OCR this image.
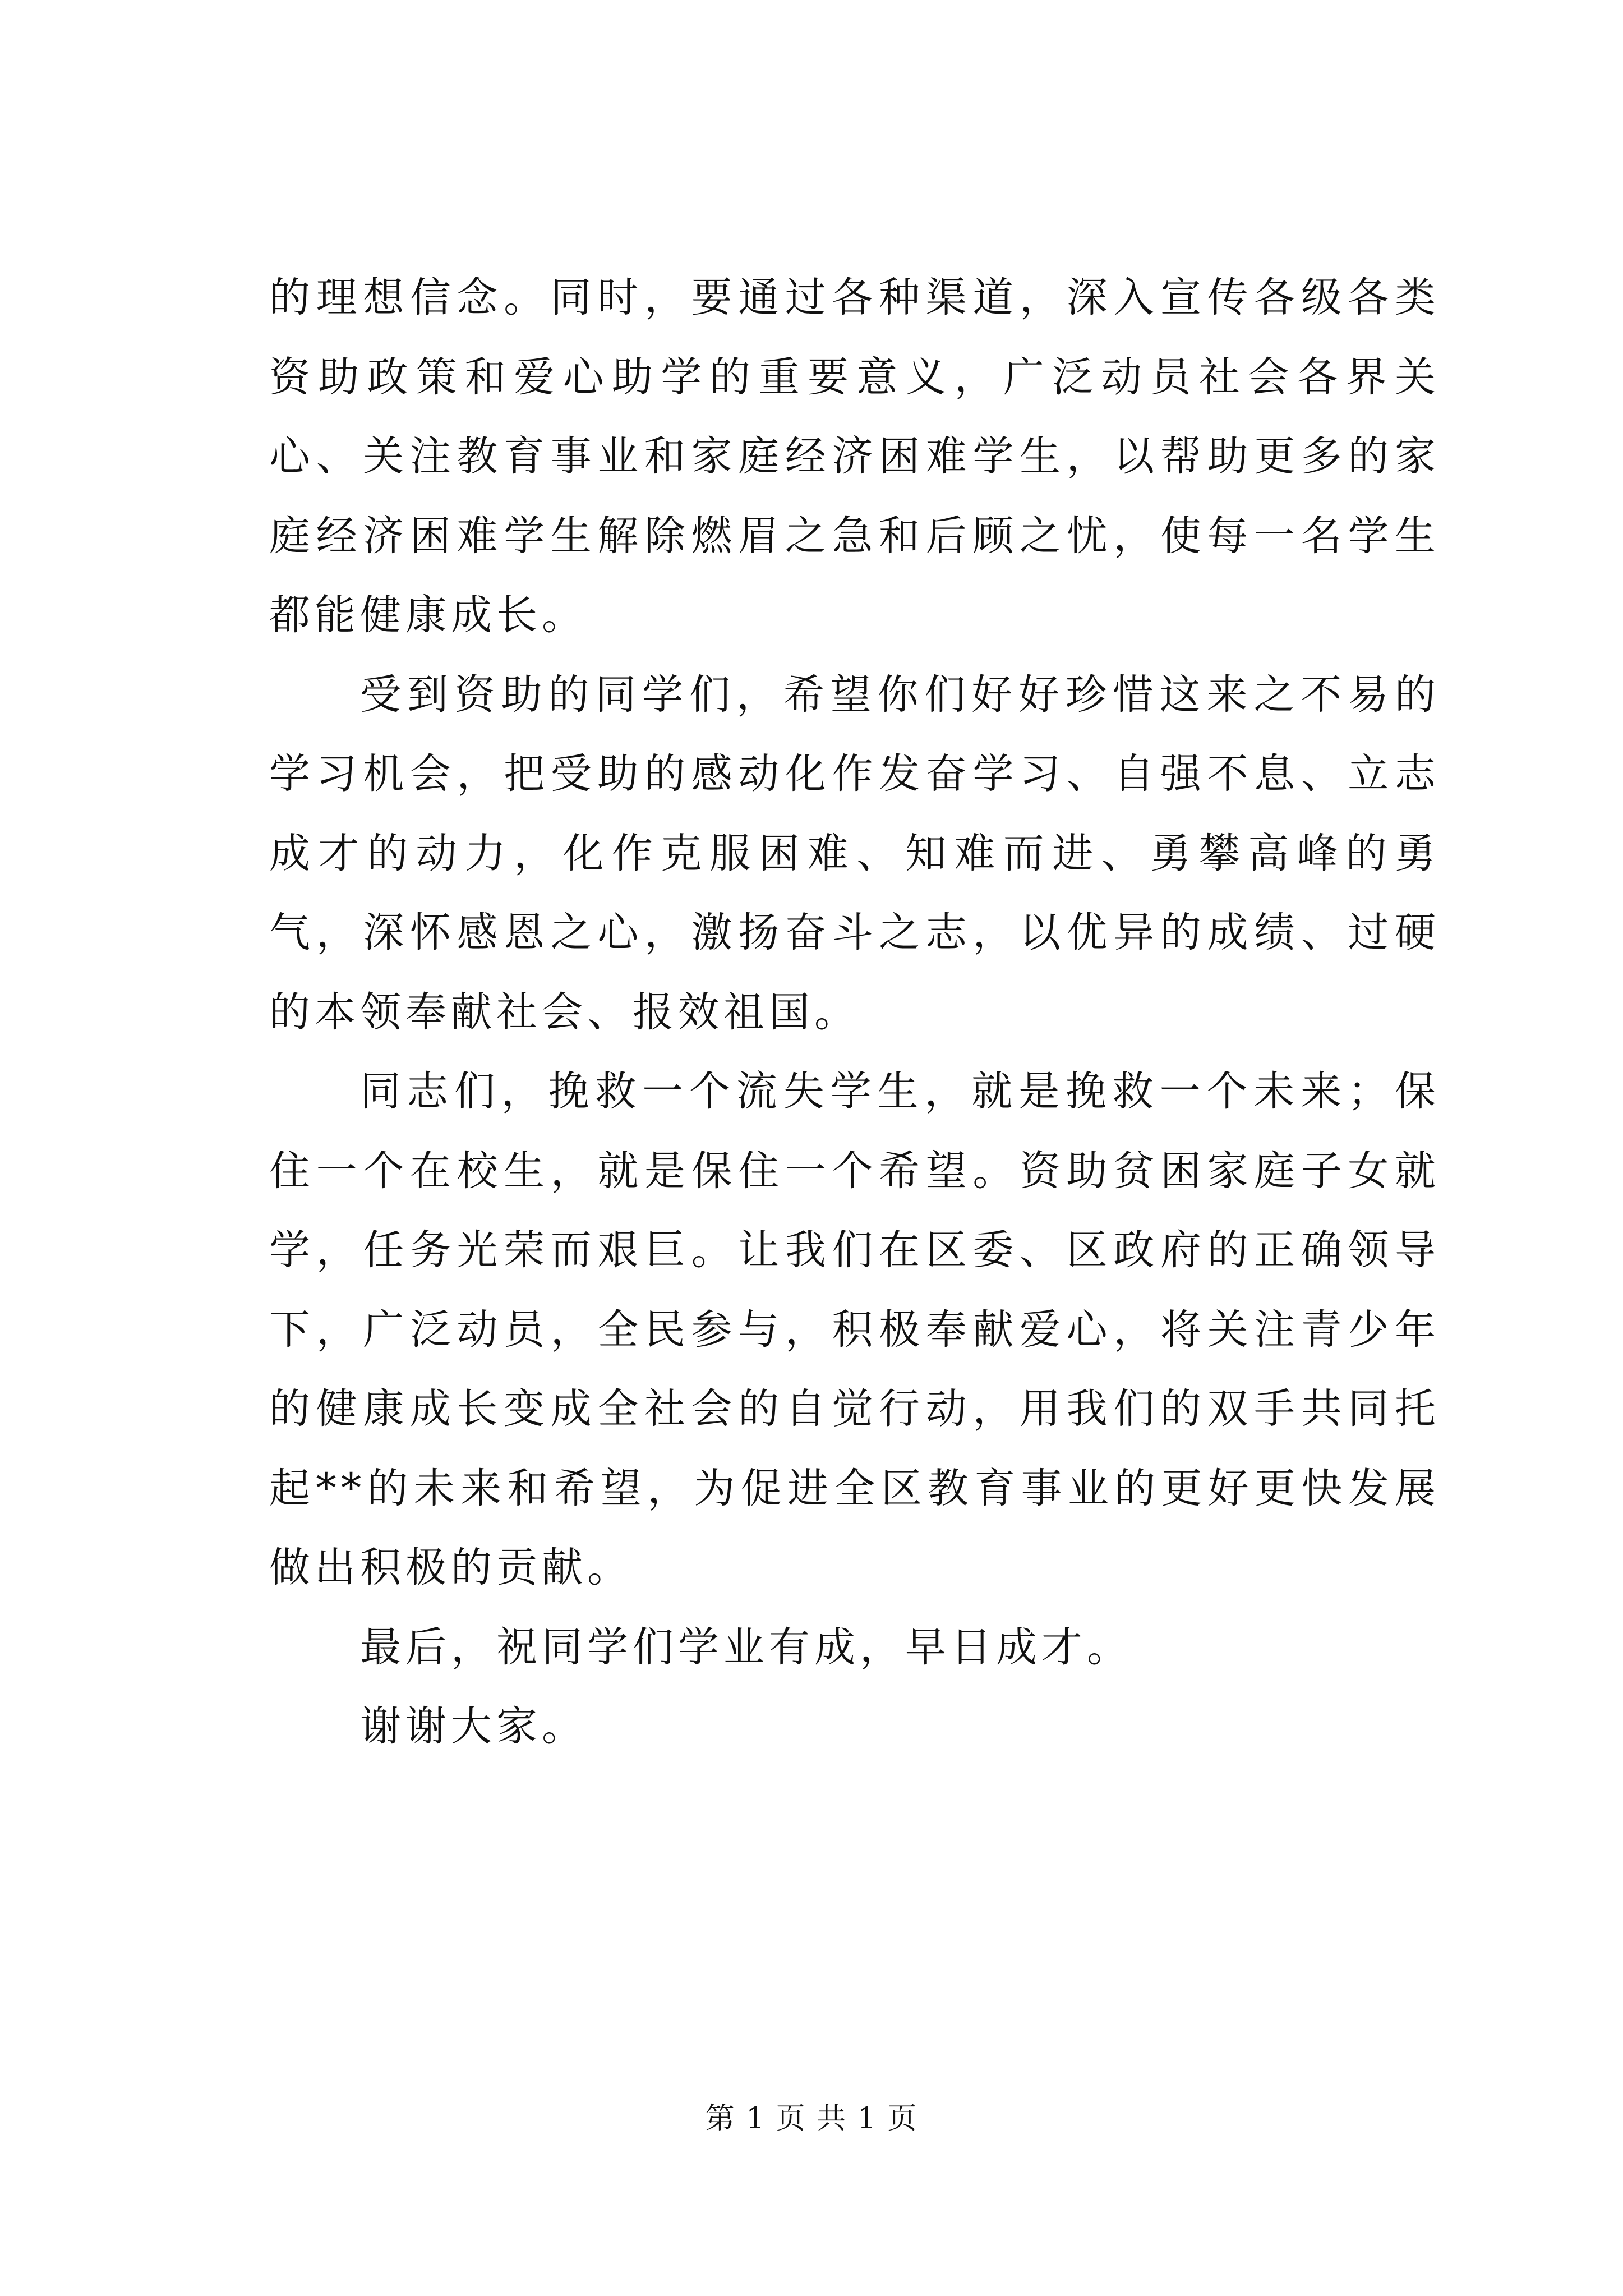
的理想信念。同时，要通过各种渠道，深入宣传各级各类资助政策和爱心助学的重要意义，广泛动员社会各界关心、关注教育事业和家庭经济困难学生，以帮助更多的家庭经济困难学生解除燃眉之急和后顾之忧，使每一名学生都能健康成长。

受到资助的同学们，希望你们好好珍惜这来之不易的学习机会，把受助的感动化作发奋学习、自强不息、立志成才的动力，化作克服困难、知难而进、勇攀高峰的勇气，深怀感恩之心，激扬奋斗之志，以优异的成绩、过硬的本领奉献社会、报效祖国。

同志们，挽救一个流失学生，就是挽救一个未来；保住一个在校生，就是保住一个希望。资助贫困家庭子女就学，任务光荣而艰巨。让我们在区委、区政府的正确领导下，广泛动员，全民参与，积极奉献爱心，将关注青少年的健康成长变成全社会的自觉行动，用我们的双手共同托起**的未来和希望，为促进全区教育事业的更好更快发展做出积极的贡献。

最后，祝同学们学业有成，早日成才。

谢谢大家。

第 1 页 共 1 页
